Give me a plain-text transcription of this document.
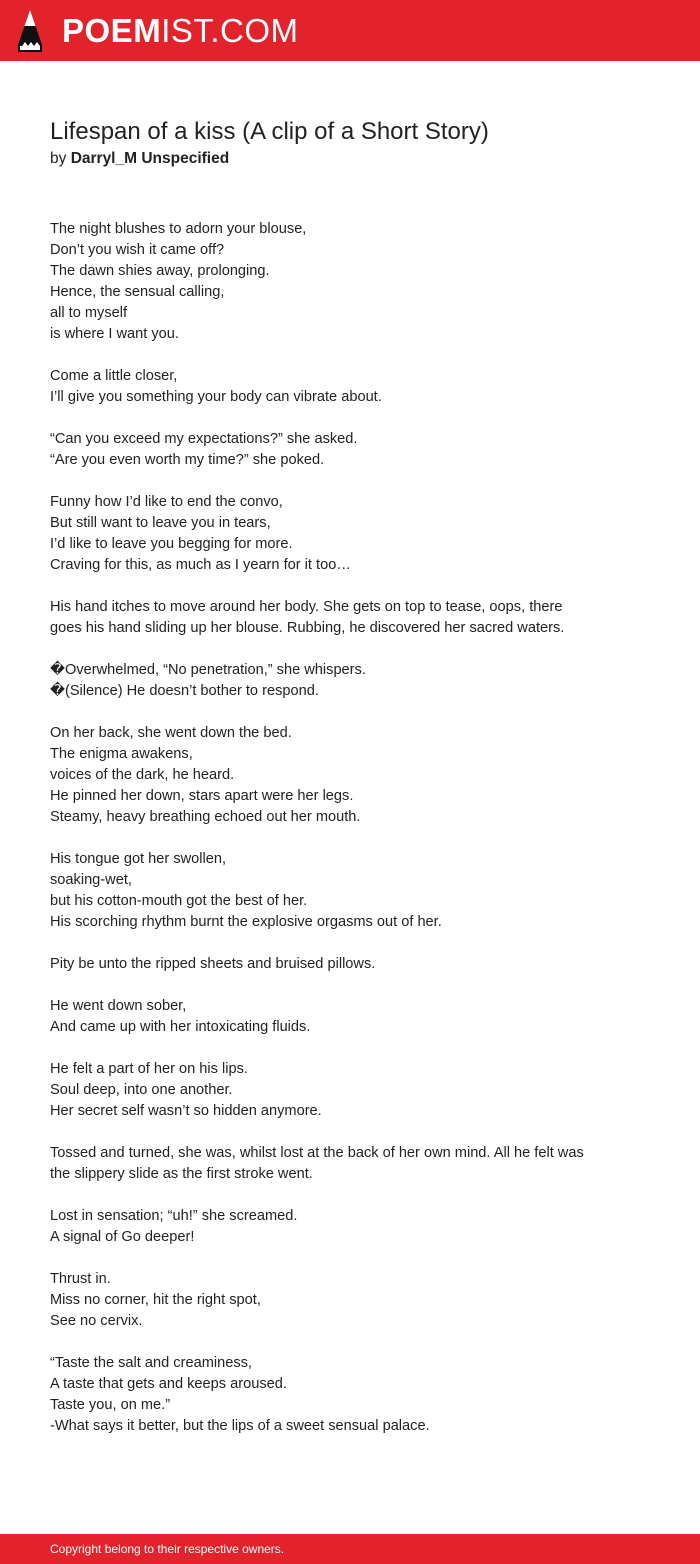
POEMIST.COM
Lifespan of a kiss (A clip of a Short Story)
by Darryl_M Unspecified
The night blushes to adorn your blouse,
Don’t you wish it came off?
The dawn shies away, prolonging.
Hence, the sensual calling,
all to myself
is where I want you.
Come a little closer,
I’ll give you something your body can vibrate about.
“Can you exceed my expectations?” she asked.
“Are you even worth my time?” she poked.
Funny how I’d like to end the convo,
But still want to leave you in tears,
I’d like to leave you begging for more.
Craving for this, as much as I yearn for it too…
His hand itches to move around her body. She gets on top to tease, oops, there goes his hand sliding up her blouse. Rubbing, he discovered her sacred waters.
�Overwhelmed, “No penetration,” she whispers.
�(Silence) He doesn’t bother to respond.
On her back, she went down the bed.
The enigma awakens,
voices of the dark, he heard.
He pinned her down, stars apart were her legs.
Steamy, heavy breathing echoed out her mouth.
His tongue got her swollen,
soaking-wet,
but his cotton-mouth got the best of her.
His scorching rhythm burnt the explosive orgasms out of her.
Pity be unto the ripped sheets and bruised pillows.
He went down sober,
And came up with her intoxicating fluids.
He felt a part of her on his lips.
Soul deep, into one another.
Her secret self wasn’t so hidden anymore.
Tossed and turned, she was, whilst lost at the back of her own mind. All he felt was the slippery slide as the first stroke went.
Lost in sensation; “uh!” she screamed.
A signal of Go deeper!
Thrust in.
Miss no corner, hit the right spot,
See no cervix.
“Taste the salt and creaminess,
A taste that gets and keeps aroused.
Taste you, on me.”
-What says it better, but the lips of a sweet sensual palace.
Copyright belong to their respective owners.
